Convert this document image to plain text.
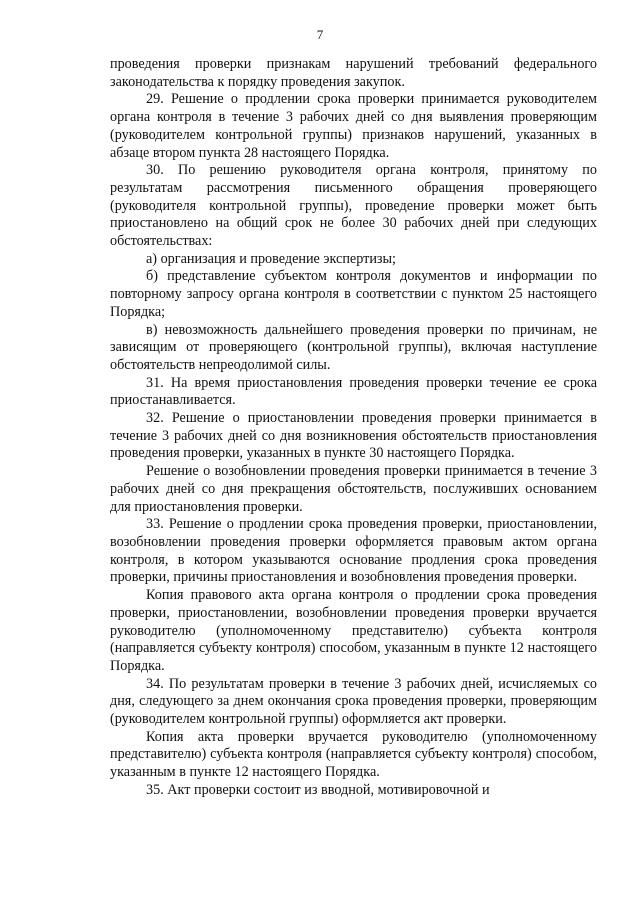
7

проведения проверки признакам нарушений требований федерального законодательства к порядку проведения закупок.

29. Решение о продлении срока проверки принимается руководителем органа контроля в течение 3 рабочих дней со дня выявления проверяющим (руководителем контрольной группы) признаков нарушений, указанных в абзаце втором пункта 28 настоящего Порядка.

30. По решению руководителя органа контроля, принятому по результатам рассмотрения письменного обращения проверяющего (руководителя контрольной группы), проведение проверки может быть приостановлено на общий срок не более 30 рабочих дней при следующих обстоятельствах:

а) организация и проведение экспертизы;

б) представление субъектом контроля документов и информации по повторному запросу органа контроля в соответствии с пунктом 25 настоящего Порядка;

в) невозможность дальнейшего проведения проверки по причинам, не зависящим от проверяющего (контрольной группы), включая наступление обстоятельств непреодолимой силы.

31. На время приостановления проведения проверки течение ее срока приостанавливается.

32. Решение о приостановлении проведения проверки принимается в течение 3 рабочих дней со дня возникновения обстоятельств приостановления проведения проверки, указанных в пункте 30 настоящего Порядка.

Решение о возобновлении проведения проверки принимается в течение 3 рабочих дней со дня прекращения обстоятельств, послуживших основанием для приостановления проверки.

33. Решение о продлении срока проведения проверки, приостановлении, возобновлении проведения проверки оформляется правовым актом органа контроля, в котором указываются основание продления срока проведения проверки, причины приостановления и возобновления проведения проверки.

Копия правового акта органа контроля о продлении срока проведения проверки, приостановлении, возобновлении проведения проверки вручается руководителю (уполномоченному представителю) субъекта контроля (направляется субъекту контроля) способом, указанным в пункте 12 настоящего Порядка.

34. По результатам проверки в течение 3 рабочих дней, исчисляемых со дня, следующего за днем окончания срока проведения проверки, проверяющим (руководителем контрольной группы) оформляется акт проверки.

Копия акта проверки вручается руководителю (уполномоченному представителю) субъекта контроля (направляется субъекту контроля) способом, указанным в пункте 12 настоящего Порядка.

35. Акт проверки состоит из вводной, мотивировочной и
